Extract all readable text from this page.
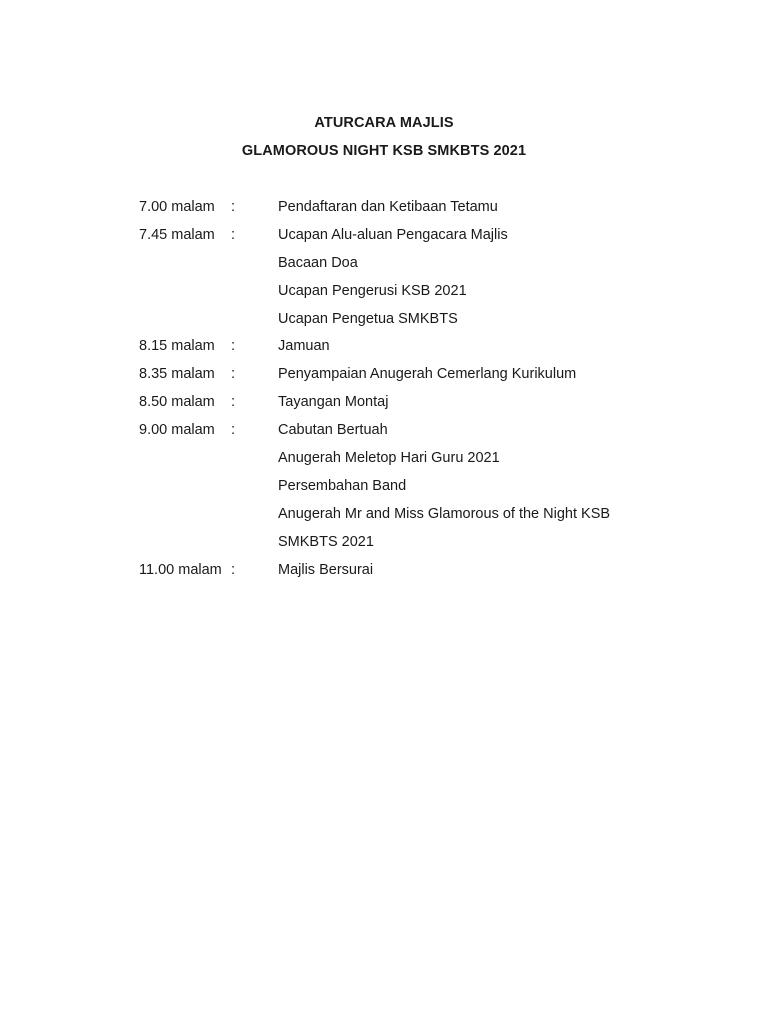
ATURCARA MAJLIS
GLAMOROUS NIGHT KSB SMKBTS 2021
7.00 malam :	Pendaftaran dan Ketibaan Tetamu
7.45 malam :	Ucapan Alu-aluan Pengacara Majlis
Bacaan Doa
Ucapan Pengerusi KSB 2021
Ucapan Pengetua SMKBTS
8.15 malam :	Jamuan
8.35 malam :	Penyampaian Anugerah Cemerlang Kurikulum
8.50 malam :	Tayangan Montaj
9.00 malam :	Cabutan Bertuah
Anugerah Meletop Hari Guru 2021
Persembahan Band
Anugerah Mr and Miss Glamorous of the Night KSB
SMKBTS 2021
11.00 malam :	Majlis Bersurai
